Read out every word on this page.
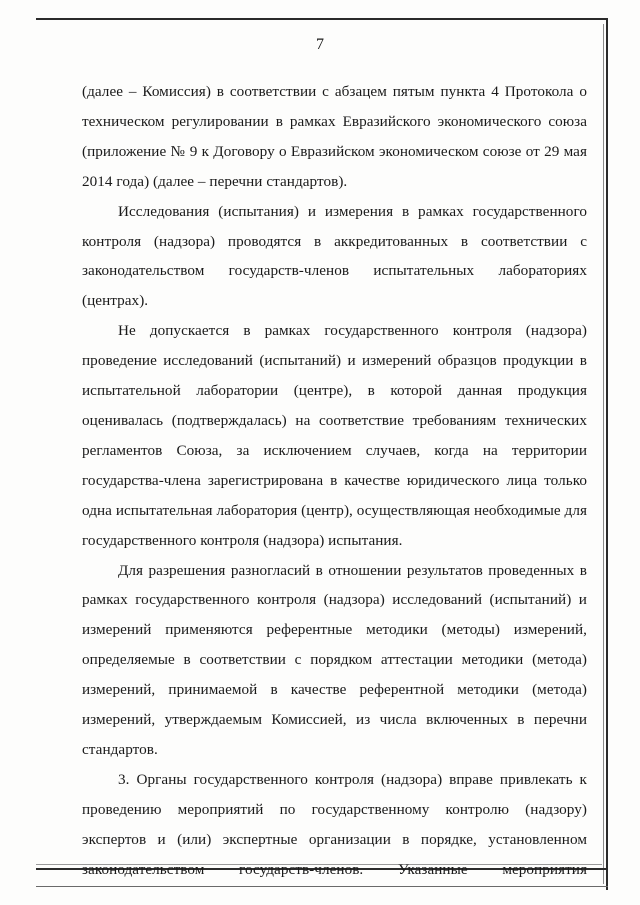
7

(далее – Комиссия) в соответствии с абзацем пятым пункта 4 Протокола о техническом регулировании в рамках Евразийского экономического союза (приложение № 9 к Договору о Евразийском экономическом союзе от 29 мая 2014 года) (далее – перечни стандартов).

Исследования (испытания) и измерения в рамках государственного контроля (надзора) проводятся в аккредитованных в соответствии с законодательством государств-членов испытательных лабораториях (центрах).

Не допускается в рамках государственного контроля (надзора) проведение исследований (испытаний) и измерений образцов продукции в испытательной лаборатории (центре), в которой данная продукция оценивалась (подтверждалась) на соответствие требованиям технических регламентов Союза, за исключением случаев, когда на территории государства-члена зарегистрирована в качестве юридического лица только одна испытательная лаборатория (центр), осуществляющая необходимые для государственного контроля (надзора) испытания.

Для разрешения разногласий в отношении результатов проведенных в рамках государственного контроля (надзора) исследований (испытаний) и измерений применяются референтные методики (методы) измерений, определяемые в соответствии с порядком аттестации методики (метода) измерений, принимаемой в качестве референтной методики (метода) измерений, утверждаемым Комиссией, из числа включенных в перечни стандартов.

3. Органы государственного контроля (надзора) вправе привлекать к проведению мероприятий по государственному контролю (надзору) экспертов и (или) экспертные организации в порядке, установленном законодательством государств-членов. Указанные мероприятия
